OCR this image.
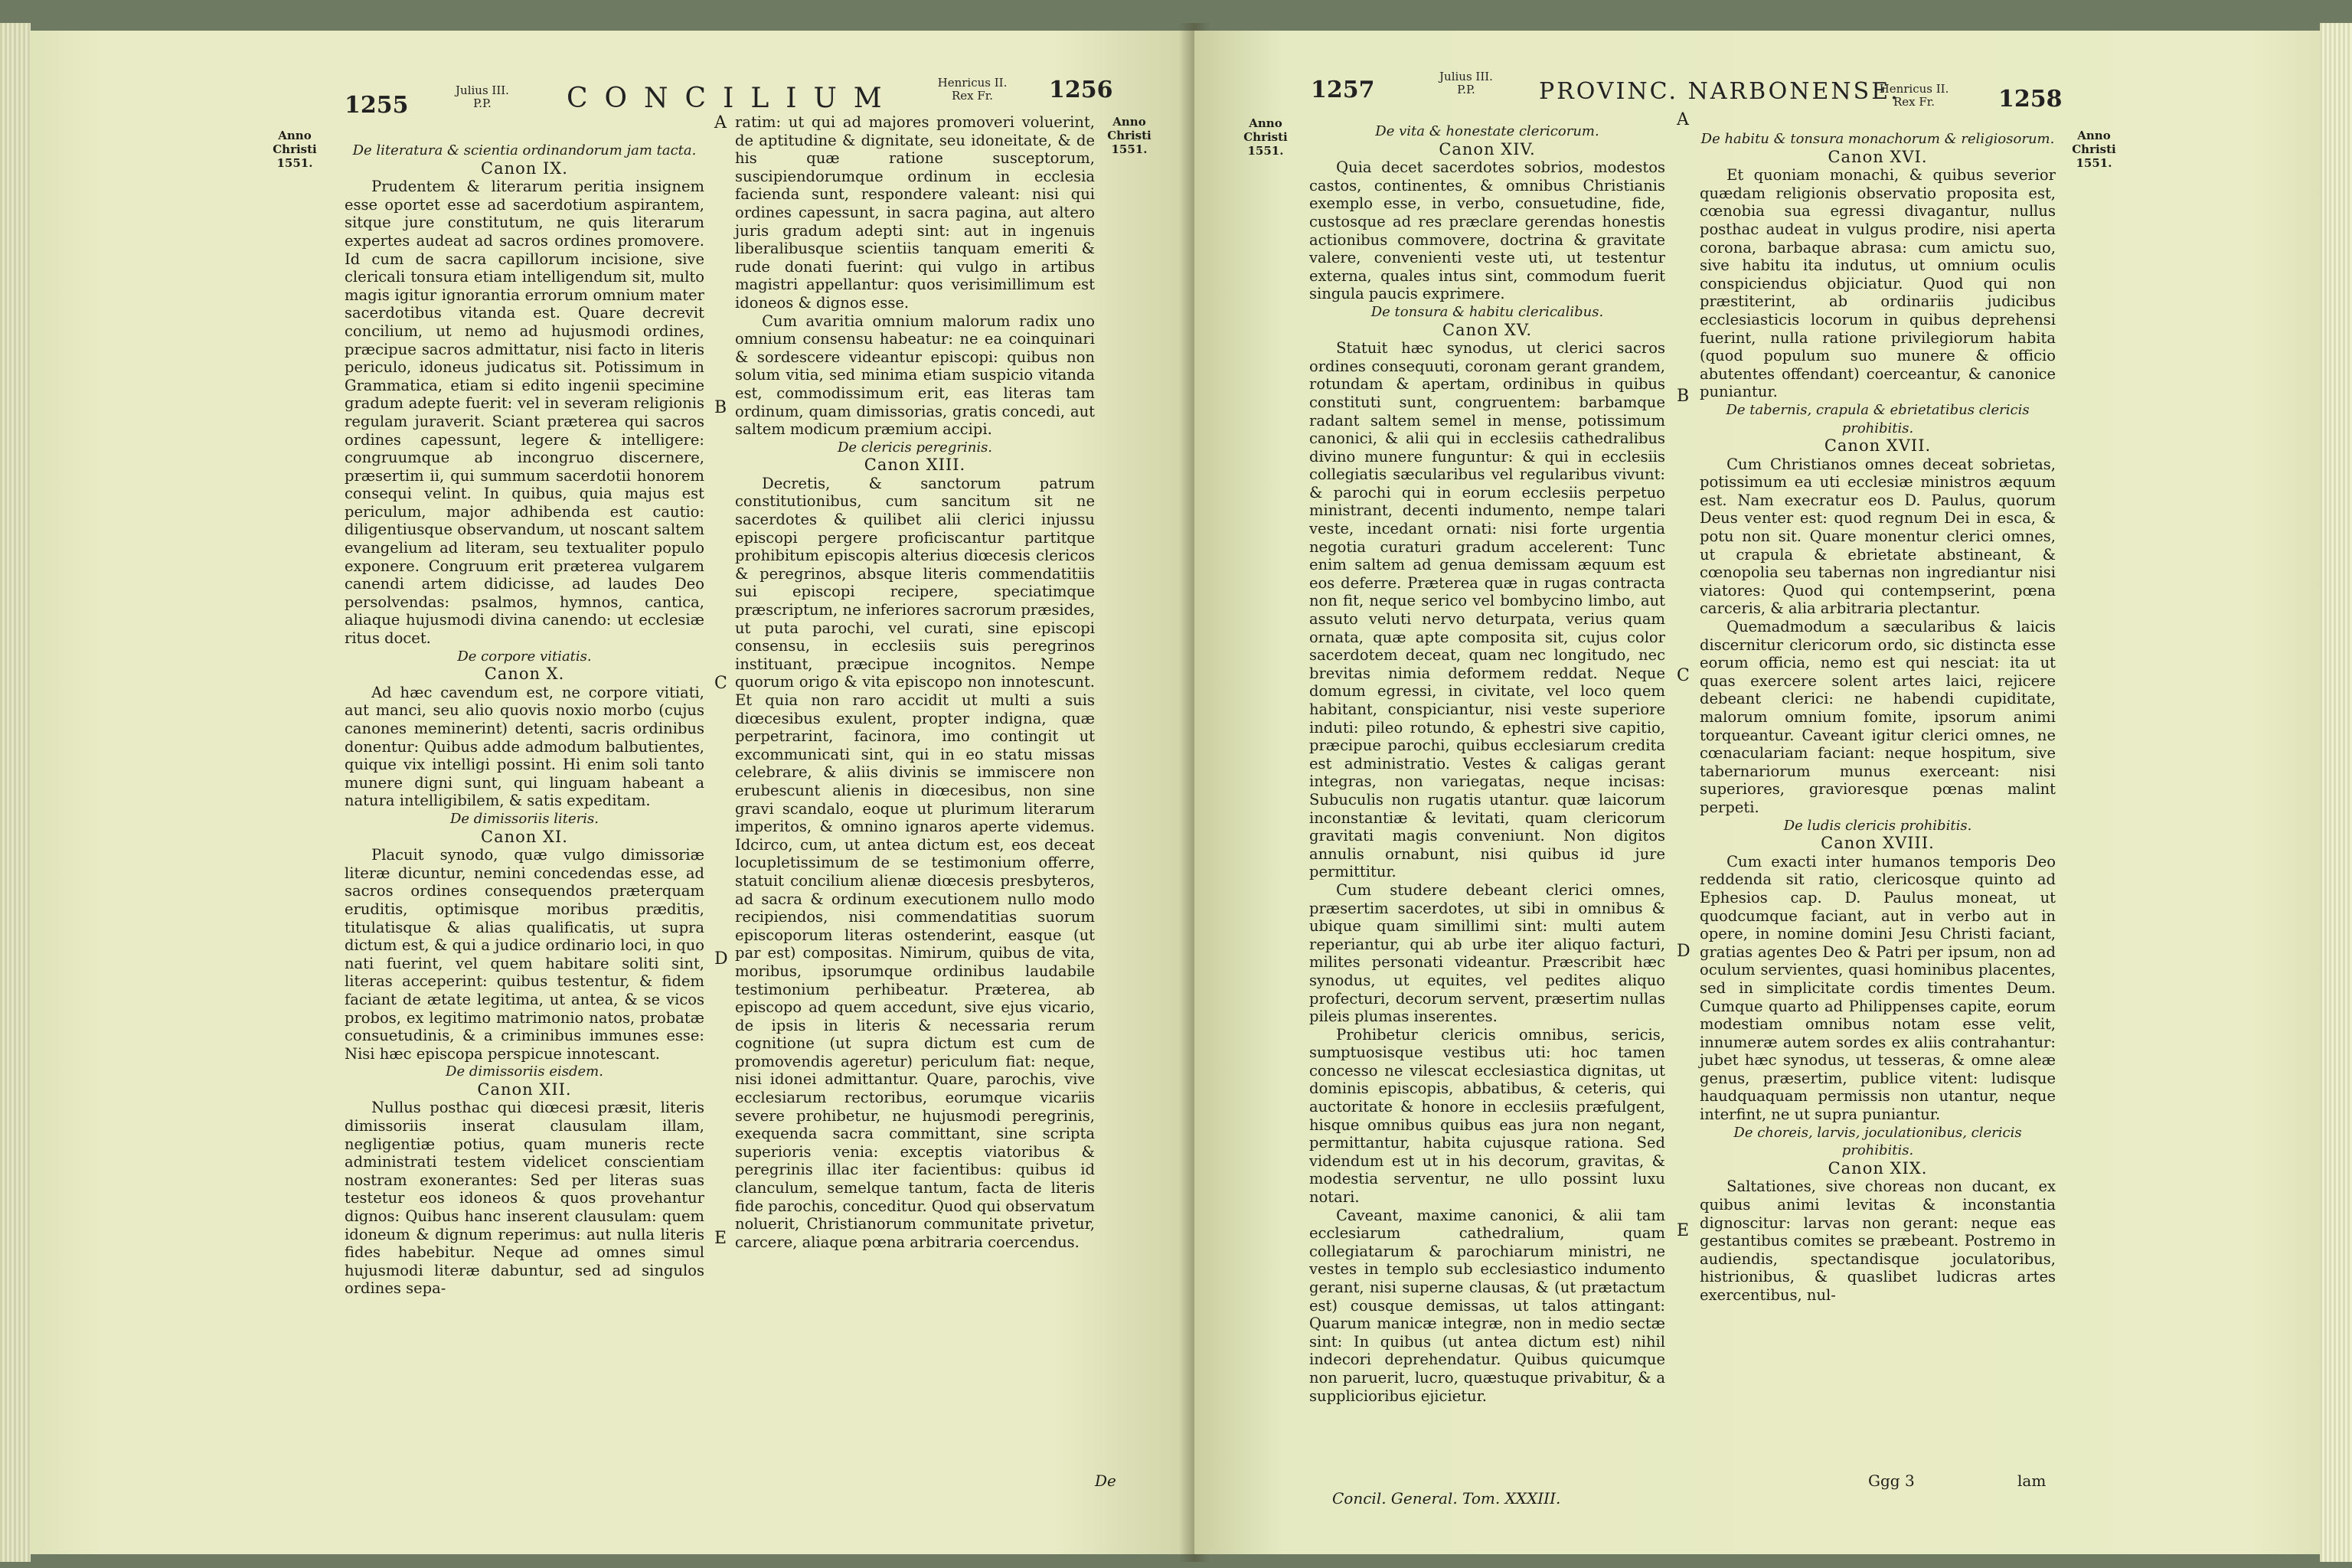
1255
Julius III.
P.P.	CONCILIUM	Henricus II.
Rex Fr.	1256
Anno
Christi
1551.
Anno
Christi
1551.
A
B
C
D
E

De literatura & scientia ordinandorum jam tacta.

Canon IX.

Prudentem & literarum peritia insignem esse oportet esse ad sacerdotium aspirantem, sitque jure constitutum, ne quis literarum expertes audeat ad sacros ordines promovere. Id cum de sacra capillorum incisione, sive clericali tonsura etiam intelligendum sit, multo magis igitur ignorantia errorum omnium mater sacerdotibus vitanda est. Quare decrevit concilium, ut nemo ad hujusmodi ordines, præcipue sacros admittatur, nisi facto in literis periculo, idoneus judicatus sit. Potissimum in Grammatica, etiam si edito ingenii specimine gradum adepte fuerit: vel in severam religionis regulam juraverit. Sciant præterea qui sacros ordines capessunt, legere & intelligere: congruumque ab incongruo discernere, præsertim ii, qui summum sacerdotii honorem consequi velint. In quibus, quia majus est periculum, major adhibenda est cautio: diligentiusque observandum, ut noscant saltem evangelium ad literam, seu textualiter populo exponere. Congruum erit præterea vulgarem canendi artem didicisse, ad laudes Deo persolvendas: psalmos, hymnos, cantica, aliaque hujusmodi divina canendo: ut ecclesiæ ritus docet.

De corpore vitiatis.

Canon X.

Ad hæc cavendum est, ne corpore vitiati, aut manci, seu alio quovis noxio morbo (cujus canones meminerint) detenti, sacris ordinibus donentur: Quibus adde admodum balbutientes, quique vix intelligi possint. Hi enim soli tanto munere digni sunt, qui linguam habeant a natura intelligibilem, & satis expeditam.

De dimissoriis literis.

Canon XI.

Placuit synodo, quæ vulgo dimissoriæ literæ dicuntur, nemini concedendas esse, ad sacros ordines consequendos præterquam eruditis, optimisque moribus præditis, titulatisque & alias qualificatis, ut supra dictum est, & qui a judice ordinario loci, in quo nati fuerint, vel quem habitare soliti sint, literas acceperint: quibus testentur, & fidem faciant de ætate legitima, ut antea, & se vicos probos, ex legitimo matrimonio natos, probatæ consuetudinis, & a criminibus immunes esse: Nisi hæc episcopa perspicue innotescant.

De dimissoriis eisdem.

Canon XII.

Nullus posthac qui diœcesi præsit, literis dimissoriis inserat clausulam illam, negligentiæ potius, quam muneris recte administrati testem videlicet conscientiam nostram exonerantes: Sed per literas suas testetur eos idoneos & quos provehantur dignos: Quibus hanc inserent clausulam: quem idoneum & dignum reperimus: aut nulla literis fides habebitur. Neque ad omnes simul hujusmodi literæ dabuntur, sed ad singulos ordines sepa-

ratim: ut qui ad majores promoveri voluerint, de aptitudine & dignitate, seu idoneitate, & de his quæ ratione susceptorum, suscipiendorumque ordinum in ecclesia facienda sunt, respondere valeant: nisi qui ordines capessunt, in sacra pagina, aut altero juris gradum adepti sint: aut in ingenuis liberalibusque scientiis tanquam emeriti & rude donati fuerint: qui vulgo in artibus magistri appellantur: quos verisimillimum est idoneos & dignos esse.

Cum avaritia omnium malorum radix uno omnium consensu habeatur: ne ea coinquinari & sordescere videantur episcopi: quibus non solum vitia, sed minima etiam suspicio vitanda est, commodissimum erit, eas literas tam ordinum, quam dimissorias, gratis concedi, aut saltem modicum præmium accipi.

De clericis peregrinis.

Canon XIII.

Decretis, & sanctorum patrum constitutionibus, cum sancitum sit ne sacerdotes & quilibet alii clerici injussu episcopi pergere proficiscantur partitque prohibitum episcopis alterius diœcesis clericos & peregrinos, absque literis commendatitiis sui episcopi recipere, speciatimque præscriptum, ne inferiores sacrorum præsides, ut puta parochi, vel curati, sine episcopi consensu, in ecclesiis suis peregrinos instituant, præcipue incognitos. Nempe quorum origo & vita episcopo non innotescunt. Et quia non raro accidit ut multi a suis diœcesibus exulent, propter indigna, quæ perpetrarint, facinora, imo contingit ut excommunicati sint, qui in eo statu missas celebrare, & aliis divinis se immiscere non erubescunt alienis in diœcesibus, non sine gravi scandalo, eoque ut plurimum literarum imperitos, & omnino ignaros aperte videmus. Idcirco, cum, ut antea dictum est, eos deceat locupletissimum de se testimonium offerre, statuit concilium alienæ diœcesis presbyteros, ad sacra & ordinum executionem nullo modo recipiendos, nisi commendatitias suorum episcoporum literas ostenderint, easque (ut par est) compositas. Nimirum, quibus de vita, moribus, ipsorumque ordinibus laudabile testimonium perhibeatur. Præterea, ab episcopo ad quem accedunt, sive ejus vicario, de ipsis in literis & necessaria rerum cognitione (ut supra dictum est cum de promovendis ageretur) periculum fiat: neque, nisi idonei admittantur. Quare, parochis, vive ecclesiarum rectoribus, eorumque vicariis severe prohibetur, ne hujusmodi peregrinis, exequenda sacra committant, sine scripta superioris venia: exceptis viatoribus & peregrinis illac iter facientibus: quibus id clanculum, semelque tantum, facta de literis fide parochis, conceditur. Quod qui observatum noluerit, Christianorum communitate privetur, carcere, aliaque pœna arbitraria coercendus.

De
1257	Julius III.
P.P.	PROVINC. NARBONENSE.
Henricus II.
Rex Fr.	1258
Anno
Christi
1551.
Anno
Christi
1551.
A
B
C
D
E

De vita & honestate clericorum.

Canon XIV.

Quia decet sacerdotes sobrios, modestos castos, continentes, & omnibus Christianis exemplo esse, in verbo, consuetudine, fide, custosque ad res præclare gerendas honestis actionibus commovere, doctrina & gravitate valere, convenienti veste uti, ut testentur externa, quales intus sint, commodum fuerit singula paucis exprimere.

De tonsura & habitu clericalibus.

Canon XV.

Statuit hæc synodus, ut clerici sacros ordines consequuti, coronam gerant grandem, rotundam & apertam, ordinibus in quibus constituti sunt, congruentem: barbamque radant saltem semel in mense, potissimum canonici, & alii qui in ecclesiis cathedralibus divino munere funguntur: & qui in ecclesiis collegiatis sæcularibus vel regularibus vivunt: & parochi qui in eorum ecclesiis perpetuo ministrant, decenti indumento, nempe talari veste, incedant ornati: nisi forte urgentia negotia curaturi gradum accelerent: Tunc enim saltem ad genua demissam æquum est eos deferre. Præterea quæ in rugas contracta non fit, neque serico vel bombycino limbo, aut assuto veluti nervo deturpata, verius quam ornata, quæ apte composita sit, cujus color sacerdotem deceat, quam nec longitudo, nec brevitas nimia deformem reddat. Neque domum egressi, in civitate, vel loco quem habitant, conspiciantur, nisi veste superiore induti: pileo rotundo, & ephestri sive capitio, præcipue parochi, quibus ecclesiarum credita est administratio. Vestes & caligas gerant integras, non variegatas, neque incisas: Subuculis non rugatis utantur. quæ laicorum inconstantiæ & levitati, quam clericorum gravitati magis conveniunt. Non digitos annulis ornabunt, nisi quibus id jure permittitur.

Cum studere debeant clerici omnes, præsertim sacerdotes, ut sibi in omnibus & ubique quam simillimi sint: multi autem reperiantur, qui ab urbe iter aliquo facturi, milites personati videantur. Præscribit hæc synodus, ut equites, vel pedites aliquo profecturi, decorum servent, præsertim nullas pileis plumas inserentes.

Prohibetur clericis omnibus, sericis, sumptuosisque vestibus uti: hoc tamen concesso ne vilescat ecclesiastica dignitas, ut dominis episcopis, abbatibus, & ceteris, qui auctoritate & honore in ecclesiis præfulgent, hisque omnibus quibus eas jura non negant, permittantur, habita cujusque rationa. Sed videndum est ut in his decorum, gravitas, & modestia serventur, ne ullo possint luxu notari.

Caveant, maxime canonici, & alii tam ecclesiarum cathedralium, quam collegiatarum & parochiarum ministri, ne vestes in templo sub ecclesiastico indumento gerant, nisi superne clausas, & (ut prætactum est) cousque demissas, ut talos attingant: Quarum manicæ integræ, non in medio sectæ sint: In quibus (ut antea dictum est) nihil indecori deprehendatur. Quibus quicumque non paruerit, lucro, quæstuque privabitur, & a supplicioribus ejicietur.

De habitu & tonsura monachorum & religiosorum.

Canon XVI.

Et quoniam monachi, & quibus severior quædam religionis observatio proposita est, cœnobia sua egressi divagantur, nullus posthac audeat in vulgus prodire, nisi aperta corona, barbaque abrasa: cum amictu suo, sive habitu ita indutus, ut omnium oculis conspiciendus objiciatur. Quod qui non præstiterint, ab ordinariis judicibus ecclesiasticis locorum in quibus deprehensi fuerint, nulla ratione privilegiorum habita (quod populum suo munere & officio abutentes offendant) coerceantur, & canonice puniantur.

De tabernis, crapula & ebrietatibus clericis prohibitis.

Canon XVII.

Cum Christianos omnes deceat sobrietas, potissimum ea uti ecclesiæ ministros æquum est. Nam execratur eos D. Paulus, quorum Deus venter est: quod regnum Dei in esca, & potu non sit. Quare monentur clerici omnes, ut crapula & ebrietate abstineant, & cœnopolia seu tabernas non ingrediantur nisi viatores: Quod qui contempserint, pœna carceris, & alia arbitraria plectantur.

Quemadmodum a sæcularibus & laicis discernitur clericorum ordo, sic distincta esse eorum officia, nemo est qui nesciat: ita ut quas exercere solent artes laici, rejicere debeant clerici: ne habendi cupiditate, malorum omnium fomite, ipsorum animi torqueantur. Caveant igitur clerici omnes, ne cœnaculariam faciant: neque hospitum, sive tabernariorum munus exerceant: nisi superiores, gravioresque pœnas malint perpeti.

De ludis clericis prohibitis.

Canon XVIII.

Cum exacti inter humanos temporis Deo reddenda sit ratio, clericosque quinto ad Ephesios cap. D. Paulus moneat, ut quodcumque faciant, aut in verbo aut in opere, in nomine domini Jesu Christi faciant, gratias agentes Deo & Patri per ipsum, non ad oculum servientes, quasi hominibus placentes, sed in simplicitate cordis timentes Deum. Cumque quarto ad Philippenses capite, eorum modestiam omnibus notam esse velit, innumeræ autem sordes ex aliis contrahantur: jubet hæc synodus, ut tesseras, & omne aleæ genus, præsertim, publice vitent: ludisque haudquaquam permissis non utantur, neque interfint, ne ut supra puniantur.

De choreis, larvis, joculationibus, clericis prohibitis.

Canon XIX.

Saltationes, sive choreas non ducant, ex quibus animi levitas & inconstantia dignoscitur: larvas non gerant: neque eas gestantibus comites se præbeant. Postremo in audiendis, spectandisque joculatoribus, histrionibus, & quaslibet ludicras artes exercentibus, nul-

Concil. General. Tom. XXXIII.
Ggg 3	lam
